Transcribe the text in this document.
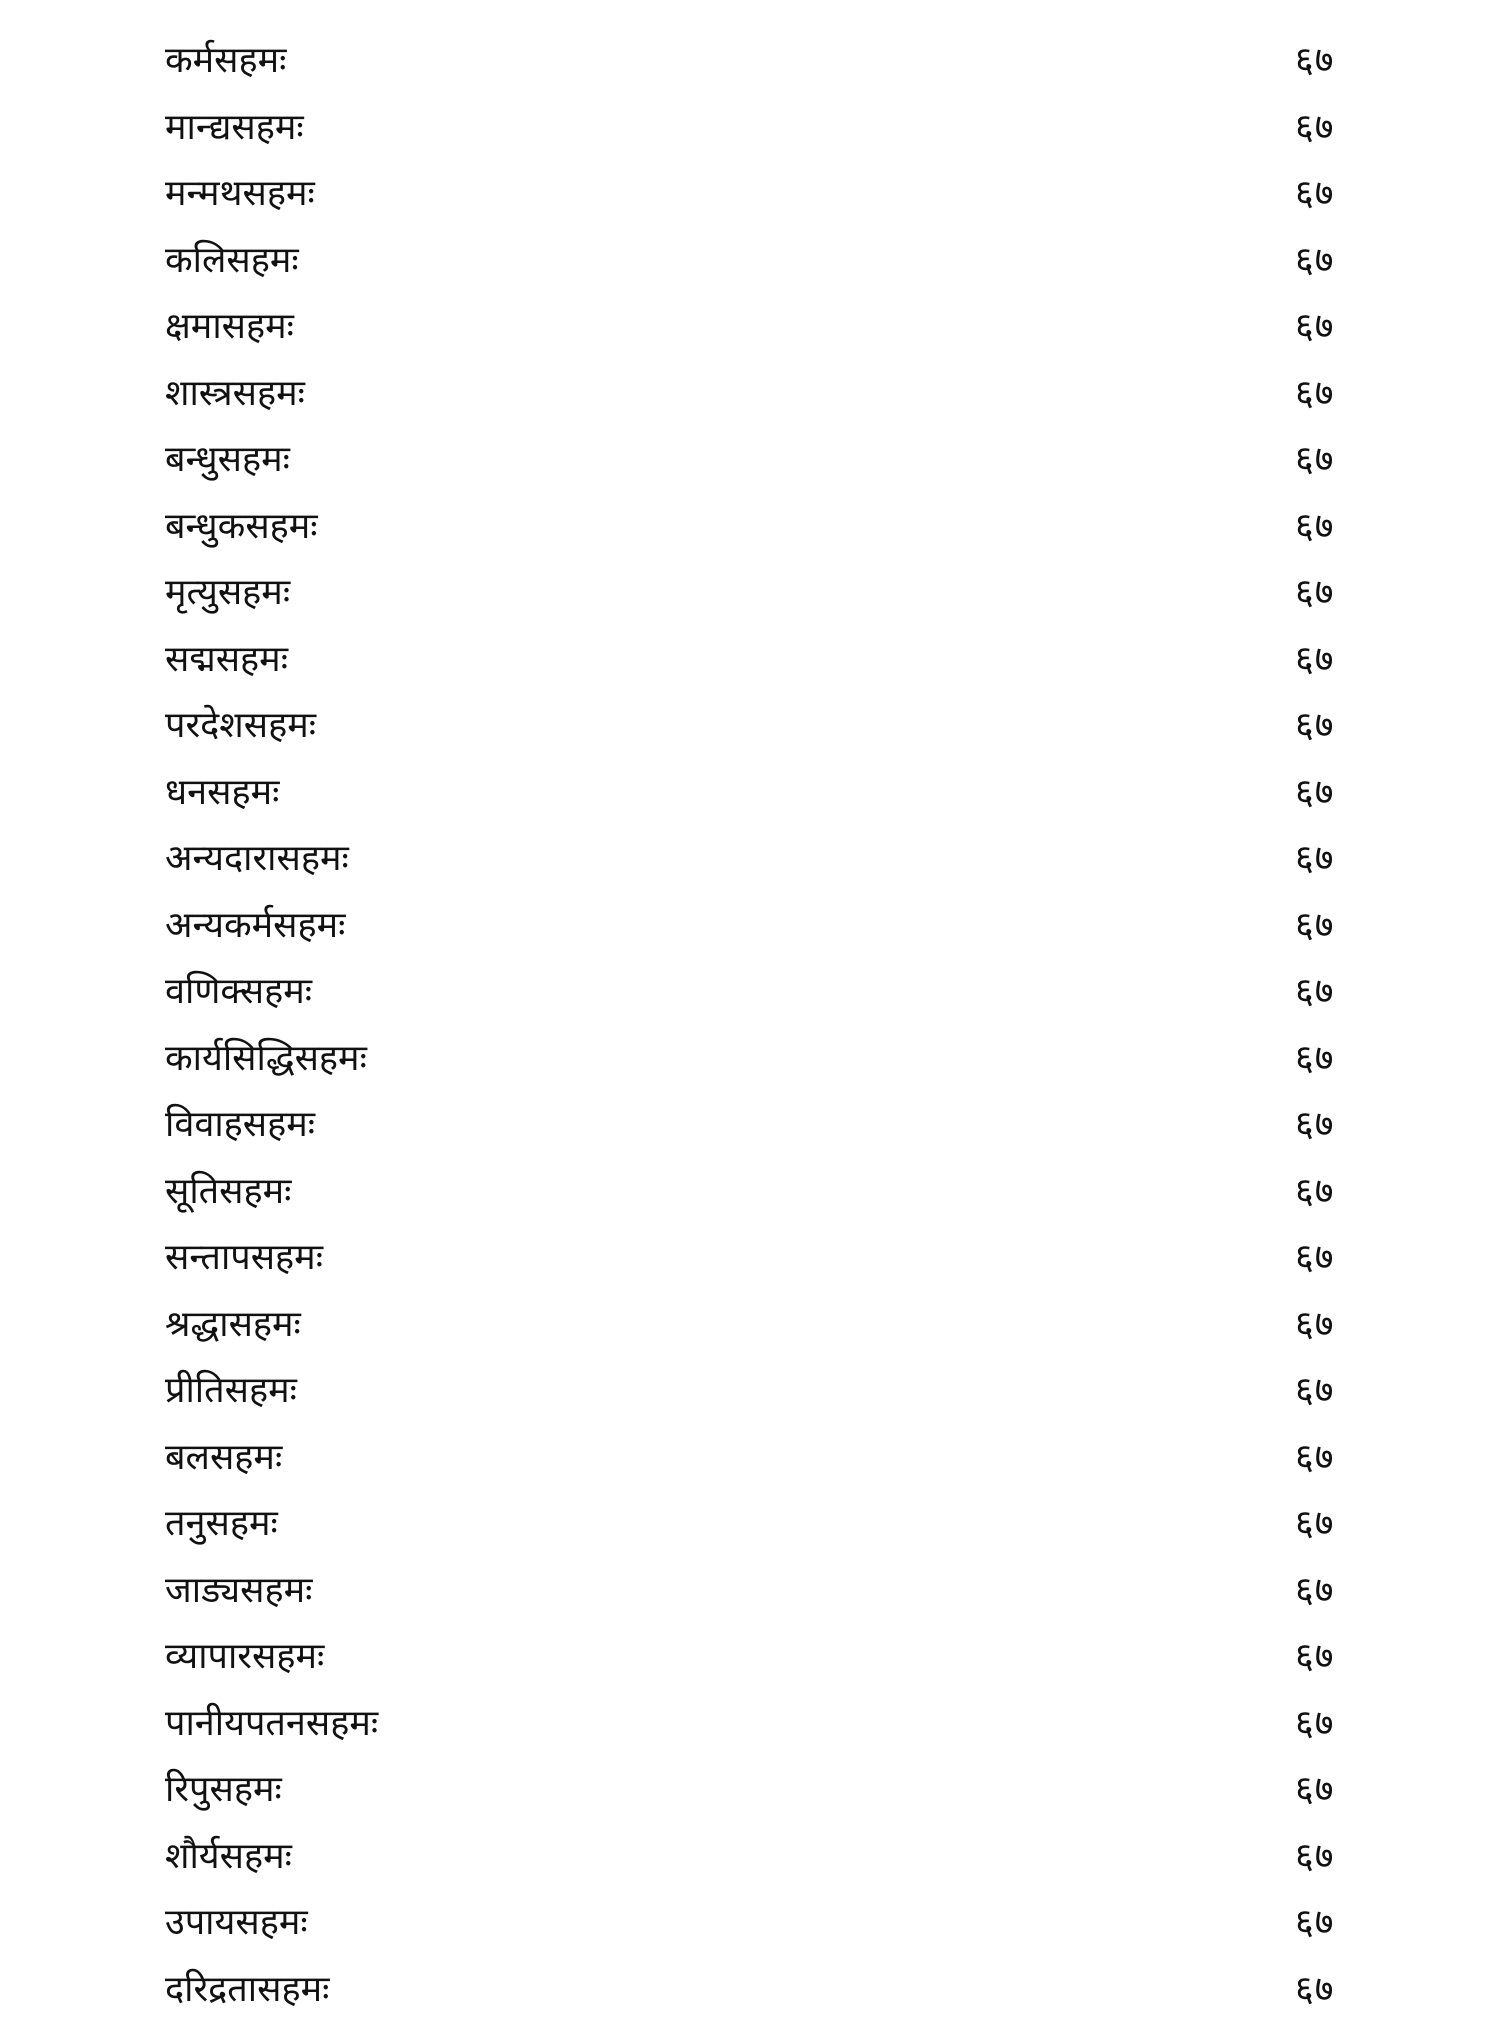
कर्मसहमः	६७
मान्द्यसहमः	६७
मन्मथसहमः	६७
कलिसहमः	६७
क्षमासहमः	६७
शास्त्रसहमः	६७
बन्धुसहमः	६७
बन्धुकसहमः	६७
मृत्युसहमः	६७
सद्मसहमः	६७
परदेशसहमः	६७
धनसहमः	६७
अन्यदारासहमः	६७
अन्यकर्मसहमः	६७
वणिक्सहमः	६७
कार्यसिद्धिसहमः	६७
विवाहसहमः	६७
सूतिसहमः	६७
सन्तापसहमः	६७
श्रद्धासहमः	६७
प्रीतिसहमः	६७
बलसहमः	६७
तनुसहमः	६७
जाड्यसहमः	६७
व्यापारसहमः	६७
पानीयपतनसहमः	६७
रिपुसहमः	६७
शौर्यसहमः	६७
उपायसहमः	६७
दरिद्रतासहमः	६७
